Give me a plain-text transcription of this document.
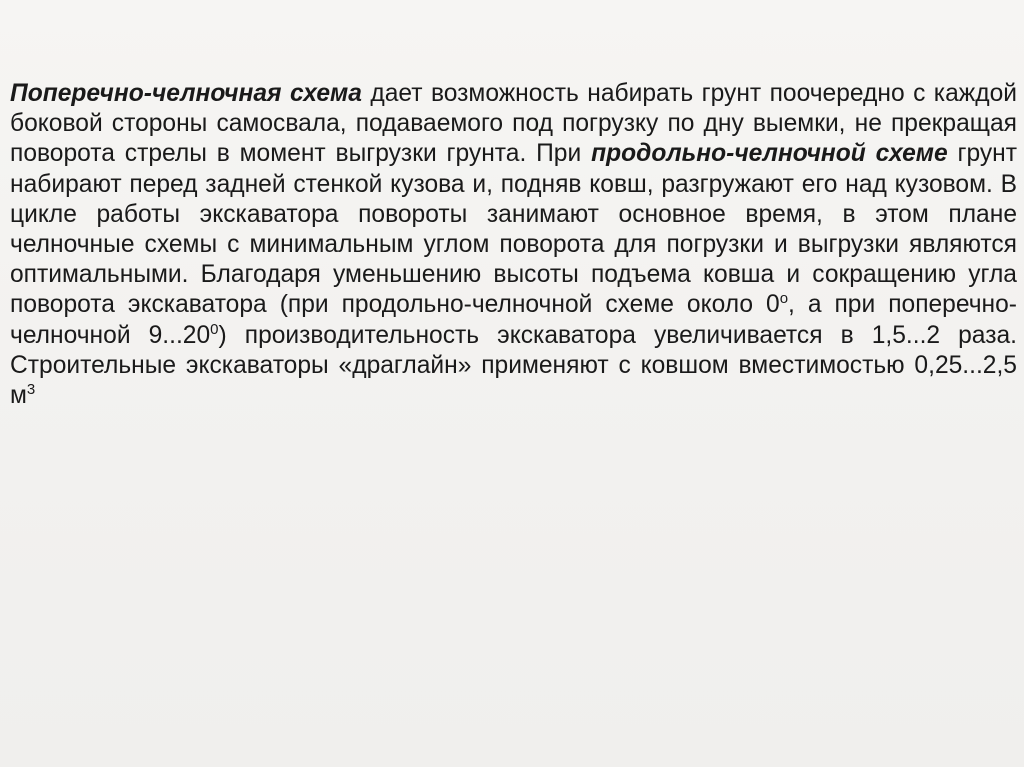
Поперечно-челночная схема дает возможность набирать грунт поочередно с каждой боковой стороны самосвала, подаваемого под погрузку по дну выемки, не прекращая поворота стрелы в момент выгрузки грунта. При продольно-челночной схеме грунт набирают перед задней стенкой кузова и, подняв ковш, разгружают его над кузовом. В цикле работы экскаватора повороты занимают основное время, в этом плане челночные схемы с минимальным углом поворота для погрузки и выгрузки являются оптимальными. Благодаря уменьшению высоты подъема ковша и сокращению угла поворота экскаватора (при продольно-челночной схеме около 0$^o$, а при поперечно-челночной 9...20$^0$) производительность экскаватора увеличивается в 1,5...2 раза. Строительные экскаваторы «драглайн» применяют с ковшом вместимостью 0,25...2,5 $м^3$
